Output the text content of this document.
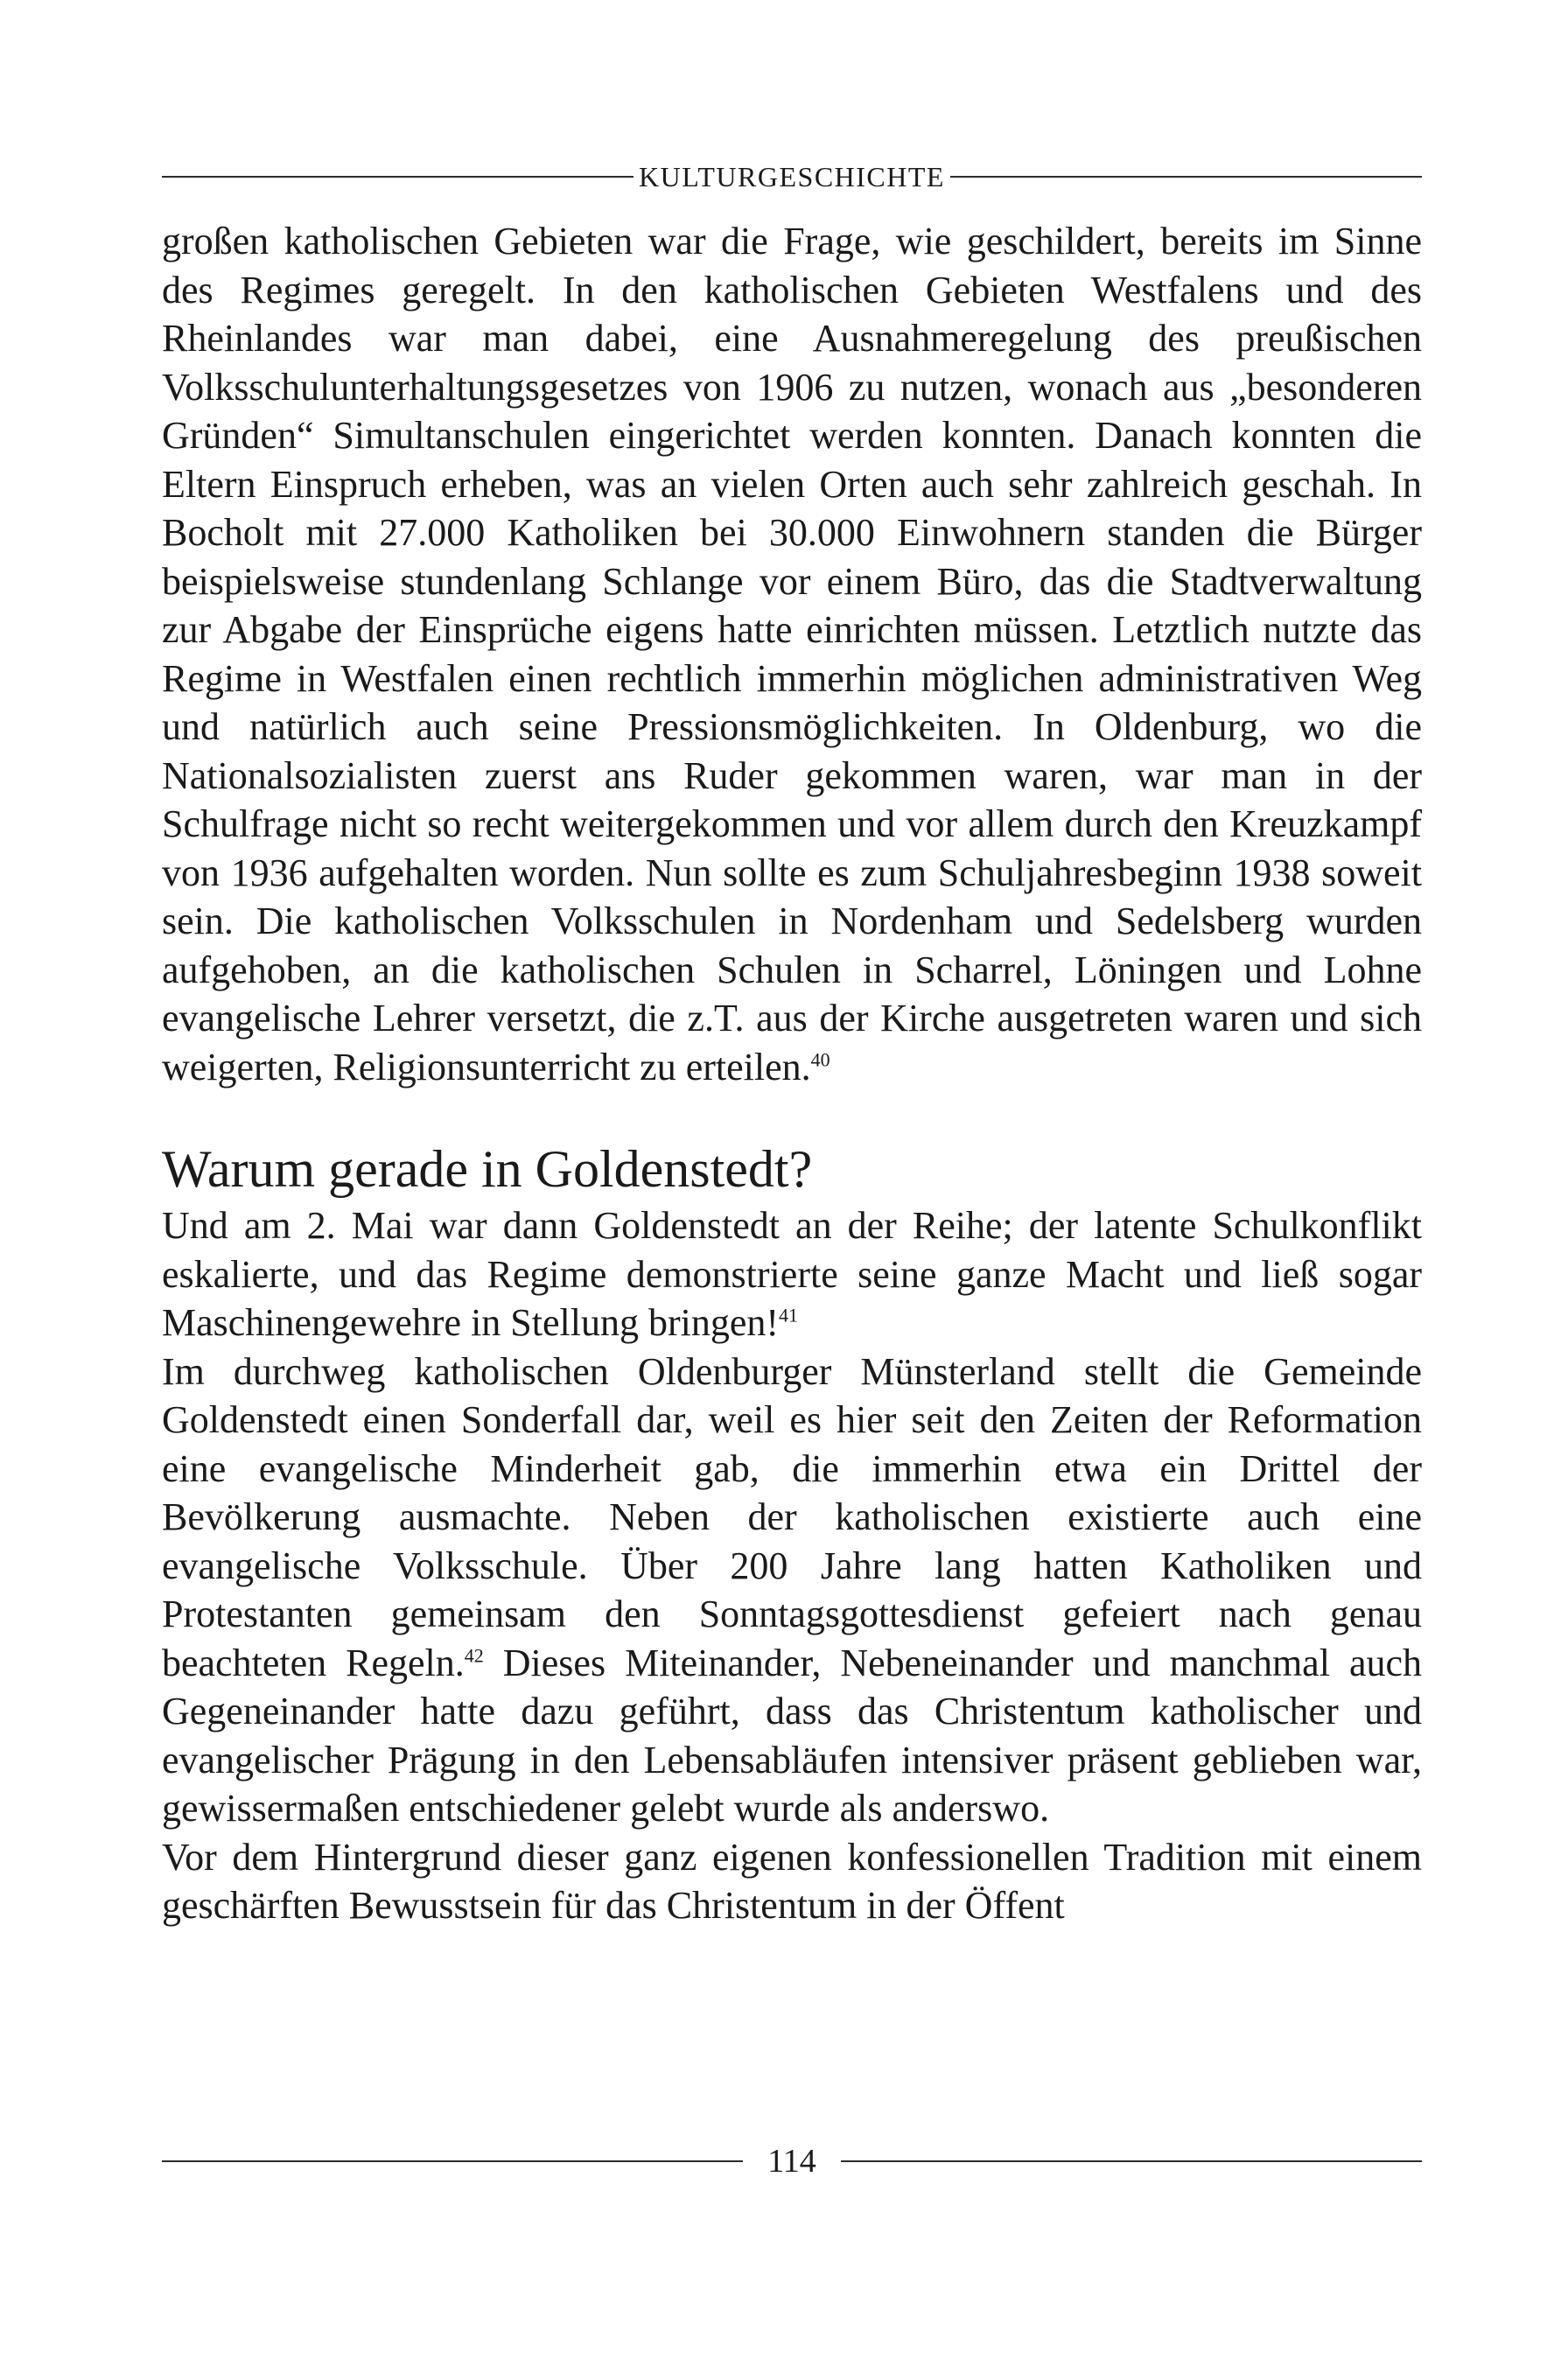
KULTURGESCHICHTE

großen katholischen Gebieten war die Frage, wie geschildert, bereits im Sinne des Regimes geregelt. In den katholischen Gebieten Westfalens und des Rheinlandes war man dabei, eine Ausnahmeregelung des preußischen Volksschulunterhaltungsgesetzes von 1906 zu nutzen, wonach aus „besonderen Gründen“ Simultanschulen eingerichtet werden konnten. Danach konnten die Eltern Einspruch erheben, was an vielen Orten auch sehr zahlreich geschah. In Bocholt mit 27.000 Katholiken bei 30.000 Einwohnern standen die Bürger beispielsweise stundenlang Schlange vor einem Büro, das die Stadtverwaltung zur Abgabe der Einsprüche eigens hatte einrichten müssen. Letztlich nutzte das Regime in Westfalen einen rechtlich immerhin möglichen administrativen Weg und natürlich auch seine Pressionsmöglichkeiten. In Oldenburg, wo die Nationalsozialisten zuerst ans Ruder gekommen waren, war man in der Schulfrage nicht so recht weitergekommen und vor allem durch den Kreuzkampf von 1936 aufgehalten worden. Nun sollte es zum Schuljahresbeginn 1938 soweit sein. Die katholischen Volksschulen in Nordenham und Sedelsberg wurden aufgehoben, an die katholischen Schulen in Scharrel, Löningen und Lohne evangelische Lehrer versetzt, die z.T. aus der Kirche ausgetreten waren und sich weigerten, Religionsunterricht zu erteilen.$^{40}$

Warum gerade in Goldenstedt?

Und am 2. Mai war dann Goldenstedt an der Reihe; der latente Schulkonflikt eskalierte, und das Regime demonstrierte seine ganze Macht und ließ sogar Maschinengewehre in Stellung bringen!$^{41}$

Im durchweg katholischen Oldenburger Münsterland stellt die Gemeinde Goldenstedt einen Sonderfall dar, weil es hier seit den Zeiten der Reformation eine evangelische Minderheit gab, die immerhin etwa ein Drittel der Bevölkerung ausmachte. Neben der katholischen existierte auch eine evangelische Volksschule. Über 200 Jahre lang hatten Katholiken und Protestanten gemeinsam den Sonntagsgottesdienst gefeiert nach genau beachteten Regeln.$^{42}$ Dieses Miteinander, Nebeneinander und manchmal auch Gegeneinander hatte dazu geführt, dass das Christentum katholischer und evangelischer Prägung in den Lebensabläufen intensiver präsent geblieben war, gewissermaßen entschiedener gelebt wurde als anderswo.

Vor dem Hintergrund dieser ganz eigenen konfessionellen Tradition mit einem geschärften Bewusstsein für das Christentum in der Öffent

114
